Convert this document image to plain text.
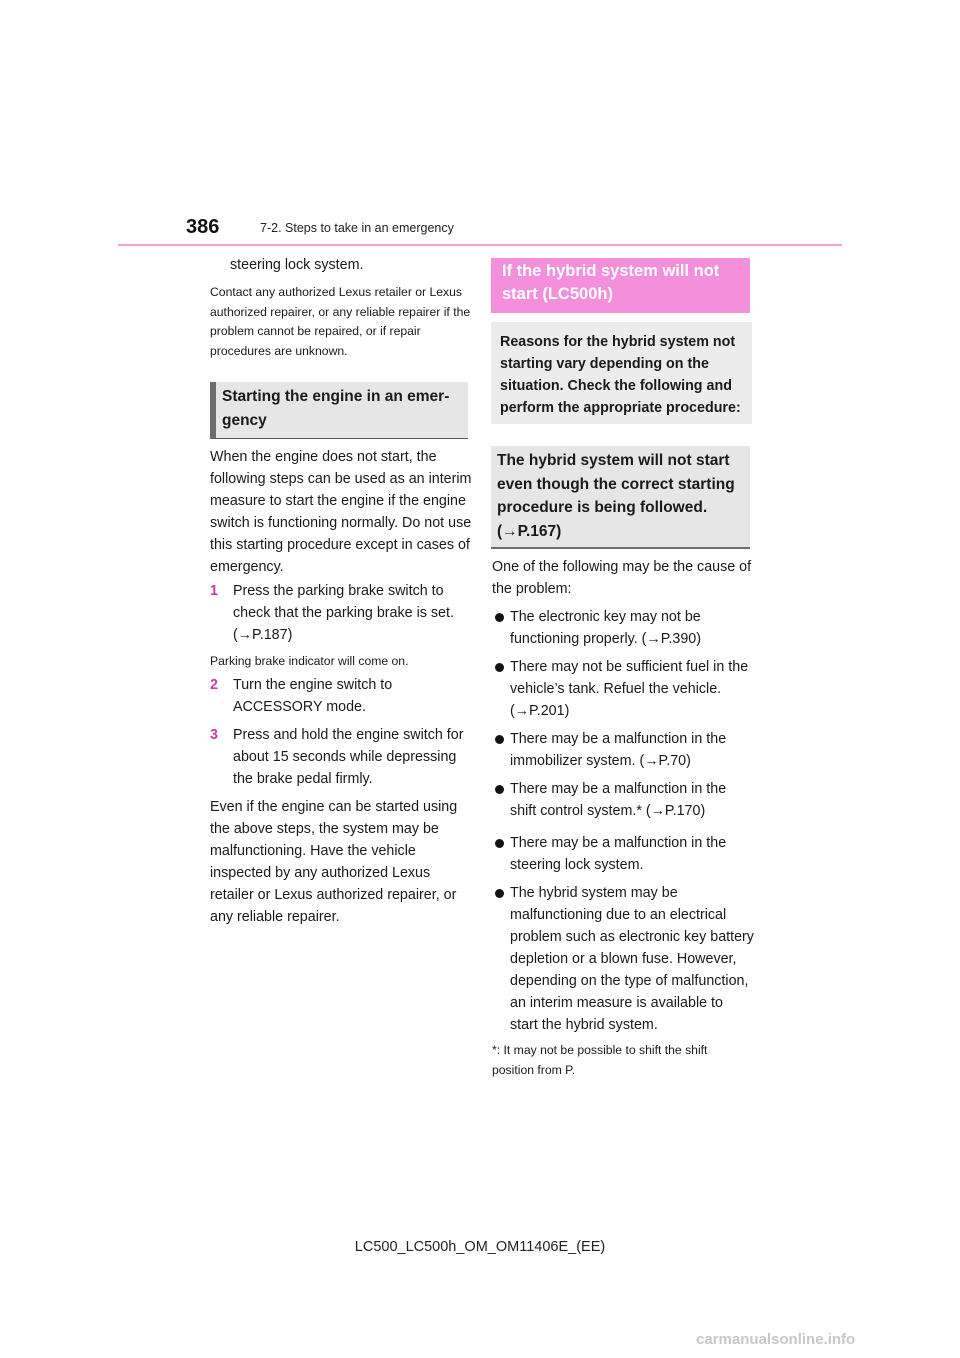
386	7-2. Steps to take in an emergency
steering lock system.
Contact any authorized Lexus retailer or Lexus authorized repairer, or any reliable repairer if the problem cannot be repaired, or if repair procedures are unknown.
Starting the engine in an emer-
gency
When the engine does not start, the following steps can be used as an interim measure to start the engine if the engine switch is functioning normally. Do not use this starting procedure except in cases of emergency.
1 Press the parking brake switch to check that the parking brake is set. (→P.187)
Parking brake indicator will come on.
2 Turn the engine switch to ACCESSORY mode.
3 Press and hold the engine switch for about 15 seconds while depressing the brake pedal firmly.
Even if the engine can be started using the above steps, the system may be malfunctioning. Have the vehicle inspected by any authorized Lexus retailer or Lexus authorized repairer, or any reliable repairer.
If the hybrid system will not start (LC500h)
Reasons for the hybrid system not starting vary depending on the situation. Check the following and perform the appropriate procedure:
The hybrid system will not start even though the correct starting procedure is being followed. (→P.167)
One of the following may be the cause of the problem:
The electronic key may not be functioning properly. (→P.390)
There may not be sufficient fuel in the vehicle’s tank. Refuel the vehicle. (→P.201)
There may be a malfunction in the immobilizer system. (→P.70)
There may be a malfunction in the shift control system.* (→P.170)
There may be a malfunction in the steering lock system.
The hybrid system may be malfunctioning due to an electrical problem such as electronic key battery depletion or a blown fuse. However, depending on the type of malfunction, an interim measure is available to start the hybrid system.
*: It may not be possible to shift the shift position from P.
LC500_LC500h_OM_OM11406E_(EE)
carmanualsonline.info
